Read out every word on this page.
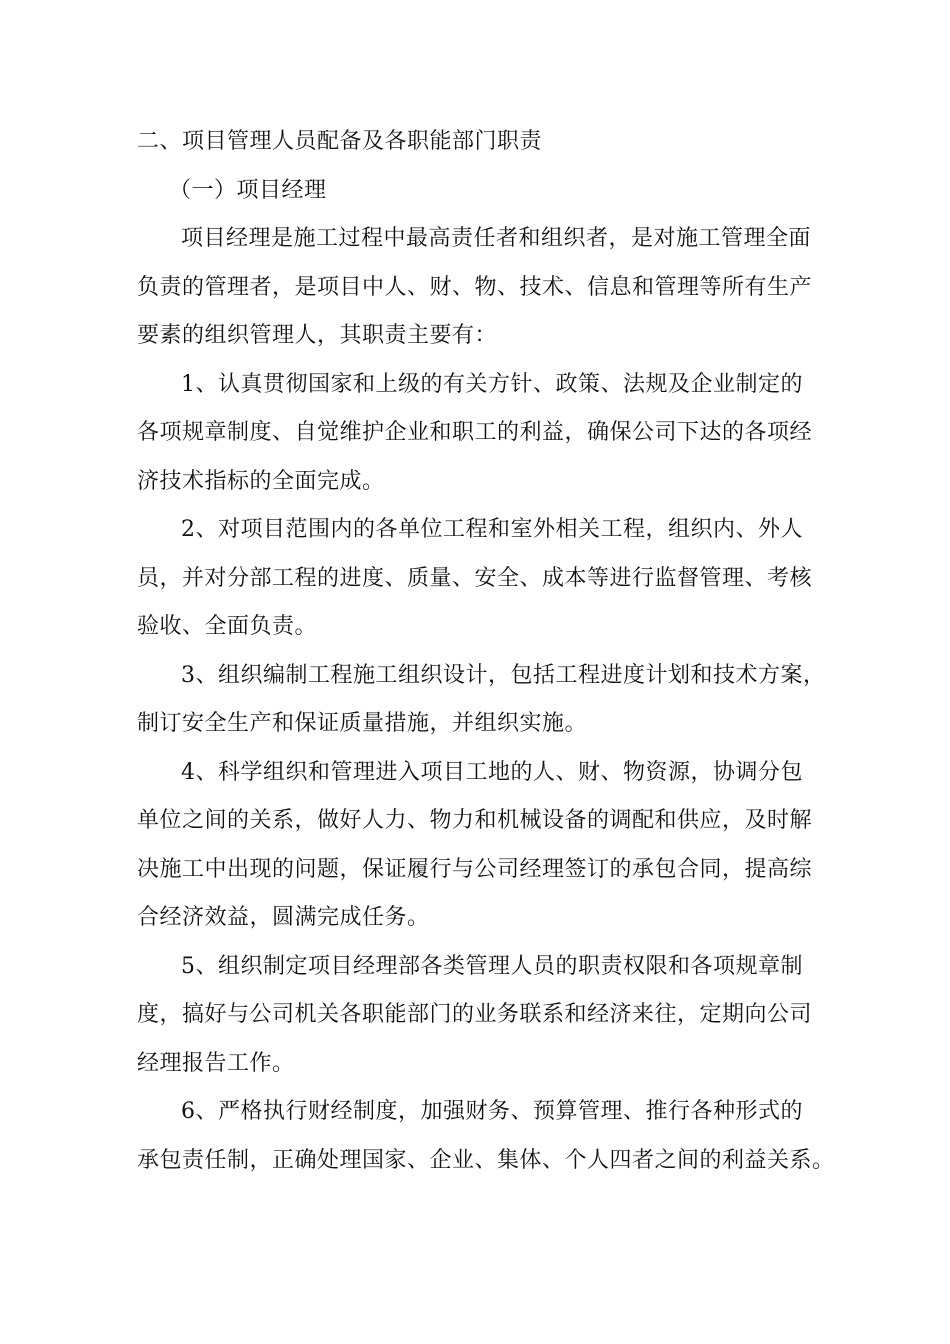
二、项目管理人员配备及各职能部门职责
（一）项目经理
项目经理是施工过程中最高责任者和组织者，是对施工管理全面
负责的管理者，是项目中人、财、物、技术、信息和管理等所有生产
要素的组织管理人，其职责主要有：
1、认真贯彻国家和上级的有关方针、政策、法规及企业制定的
各项规章制度、自觉维护企业和职工的利益，确保公司下达的各项经
济技术指标的全面完成。
2、对项目范围内的各单位工程和室外相关工程，组织内、外人
员，并对分部工程的进度、质量、安全、成本等进行监督管理、考核
验收、全面负责。
3、组织编制工程施工组织设计，包括工程进度计划和技术方案，
制订安全生产和保证质量措施，并组织实施。
4、科学组织和管理进入项目工地的人、财、物资源，协调分包
单位之间的关系，做好人力、物力和机械设备的调配和供应，及时解
决施工中出现的问题，保证履行与公司经理签订的承包合同，提高综
合经济效益，圆满完成任务。
5、组织制定项目经理部各类管理人员的职责权限和各项规章制
度，搞好与公司机关各职能部门的业务联系和经济来往，定期向公司
经理报告工作。
6、严格执行财经制度，加强财务、预算管理、推行各种形式的
承包责任制，正确处理国家、企业、集体、个人四者之间的利益关系。
